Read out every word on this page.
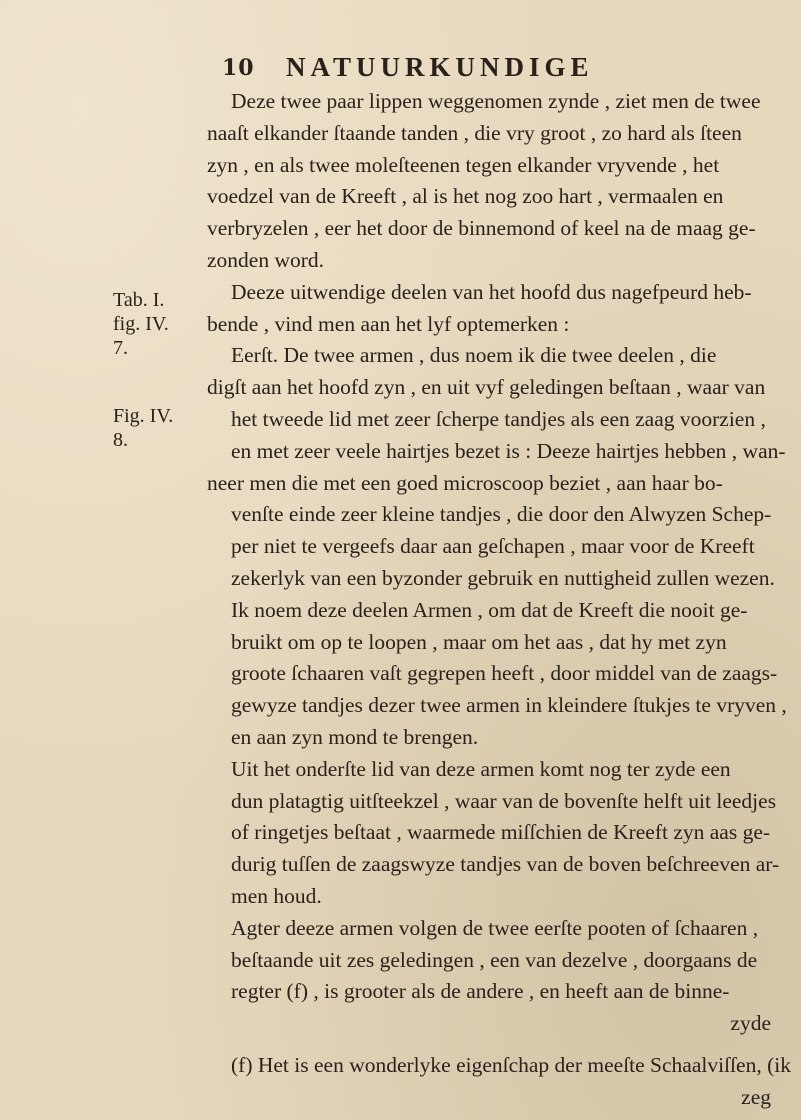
10 NATUURKUNDIGE
Tab. I.
fig. IV.
7.
Fig. IV.
8.
Deze twee paar lippen weggenomen zynde , ziet men de twee
naaſt elkander ſtaande tanden , die vry groot , zo hard als ſteen
zyn , en als twee moleſteenen tegen elkander vryvende , het
voedzel van de Kreeft , al is het nog zoo hart , vermaalen en
verbryzelen , eer het door de binnemond of keel na de maag ge-
zonden word.
Deeze uitwendige deelen van het hoofd dus nagefpeurd heb-
bende , vind men aan het lyf optemerken :
Eerſt. De twee armen , dus noem ik die twee deelen , die
digſt aan het hoofd zyn , en uit vyf geledingen beſtaan , waar van
het tweede lid met zeer ſcherpe tandjes als een zaag voorzien ,
en met zeer veele hairtjes bezet is : Deeze hairtjes hebben , wan-
neer men die met een goed microscoop beziet , aan haar bo-
venſte einde zeer kleine tandjes , die door den Alwyzen Schep-
per niet te vergeefs daar aan geſchapen , maar voor de Kreeft
zekerlyk van een byzonder gebruik en nuttigheid zullen wezen.
Ik noem deze deelen Armen , om dat de Kreeft die nooit ge-
bruikt om op te loopen , maar om het aas , dat hy met zyn
groote ſchaaren vaſt gegrepen heeft , door middel van de zaags-
gewyze tandjes dezer twee armen in kleindere ſtukjes te vryven ,
en aan zyn mond te brengen.
Uit het onderſte lid van deze armen komt nog ter zyde een
dun platagtig uitſteekzel , waar van de bovenſte helft uit leedjes
of ringetjes beſtaat , waarmede miſſchien de Kreeft zyn aas ge-
durig tuſſen de zaagswyze tandjes van de boven beſchreeven ar-
men houd.
Agter deeze armen volgen de twee eerſte pooten of ſchaaren ,
beſtaande uit zes geledingen , een van dezelve , doorgaans de
regter (f) , is grooter als de andere , en heeft aan de binne-
zyde
(f) Het is een wonderlyke eigenſchap der meeſte Schaalviſſen, (ik
zeg
